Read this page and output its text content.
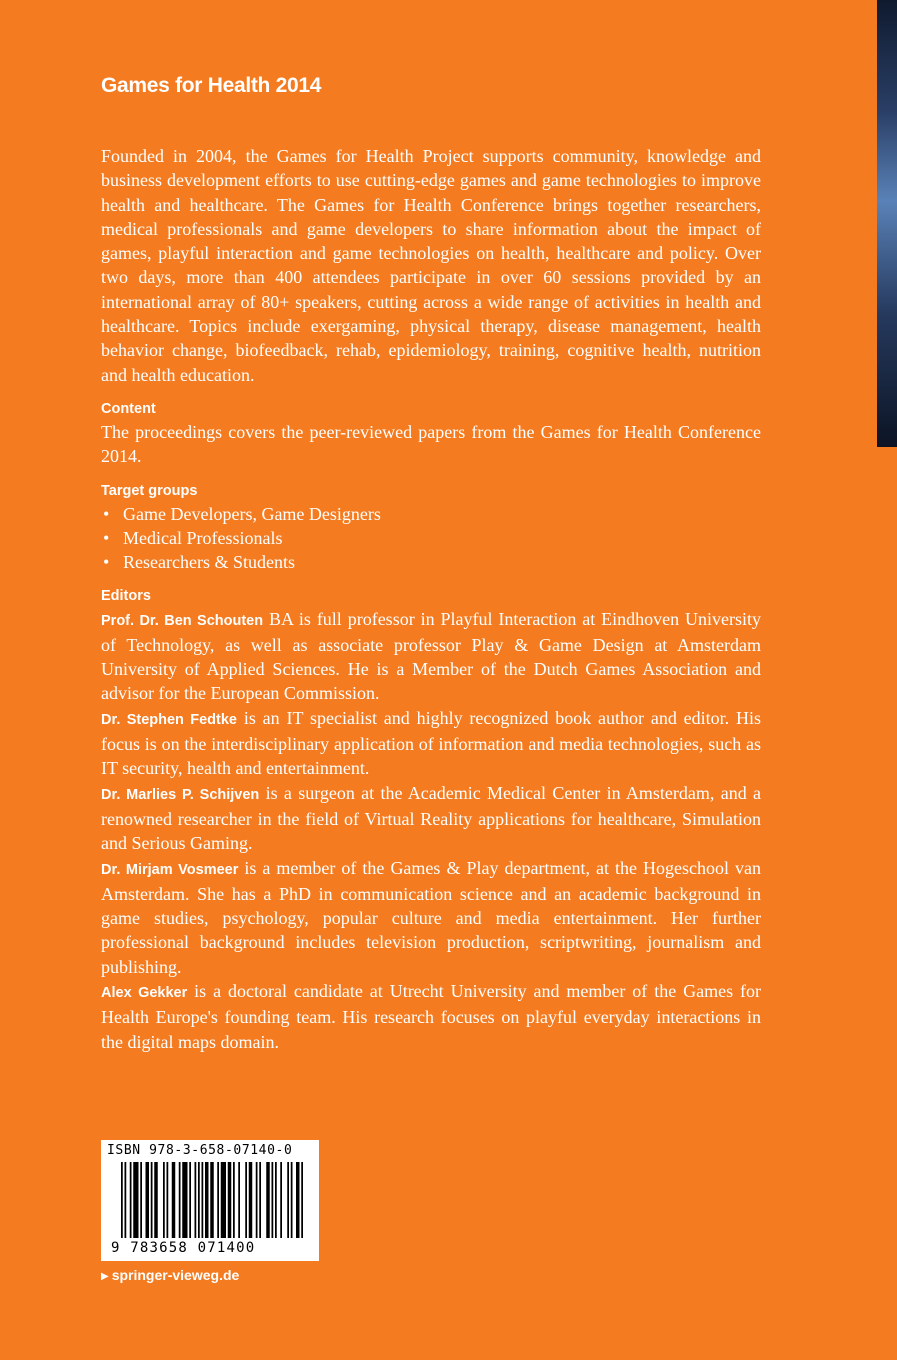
Games for Health 2014

Founded in 2004, the Games for Health Project supports community, knowledge and business development efforts to use cutting-edge games and game technologies to improve health and healthcare. The Games for Health Conference brings together researchers, medical professionals and game developers to share information about the impact of games, playful interaction and game technologies on health, healthcare and policy. Over two days, more than 400 attendees participate in over 60 sessions provided by an international array of 80+ speakers, cutting across a wide range of activities in health and healthcare. Topics include exergaming, physical therapy, disease management, health behavior change, biofeedback, rehab, epidemiology, training, cognitive health, nutrition and health education.

Content

The proceedings covers the peer-reviewed papers from the Games for Health Conference 2014.

Target groups
• Game Developers, Game Designers
• Medical Professionals
• Researchers & Students
Editors

Prof. Dr. Ben Schouten BA is full professor in Playful Interaction at Eindhoven University of Technology, as well as associate professor Play & Game Design at Amsterdam University of Applied Sciences. He is a Member of the Dutch Games Association and advisor for the European Commission.

Dr. Stephen Fedtke is an IT specialist and highly recognized book author and editor. His focus is on the interdisciplinary application of information and media technologies, such as IT security, health and entertainment.

Dr. Marlies P. Schijven is a surgeon at the Academic Medical Center in Amsterdam, and a renowned researcher in the field of Virtual Reality applications for healthcare, Simulation and Serious Gaming.

Dr. Mirjam Vosmeer is a member of the Games & Play department, at the Hogeschool van Amsterdam. She has a PhD in communication science and an academic background in game studies, psychology, popular culture and media entertainment. Her further professional background includes television production, scriptwriting, journalism and publishing.

Alex Gekker is a doctoral candidate at Utrecht University and member of the Games for Health Europe's founding team. His research focuses on playful everyday interactions in the digital maps domain.

ISBN 978-3-658-07140-0
9 783658 071400
▶ springer-vieweg.de
